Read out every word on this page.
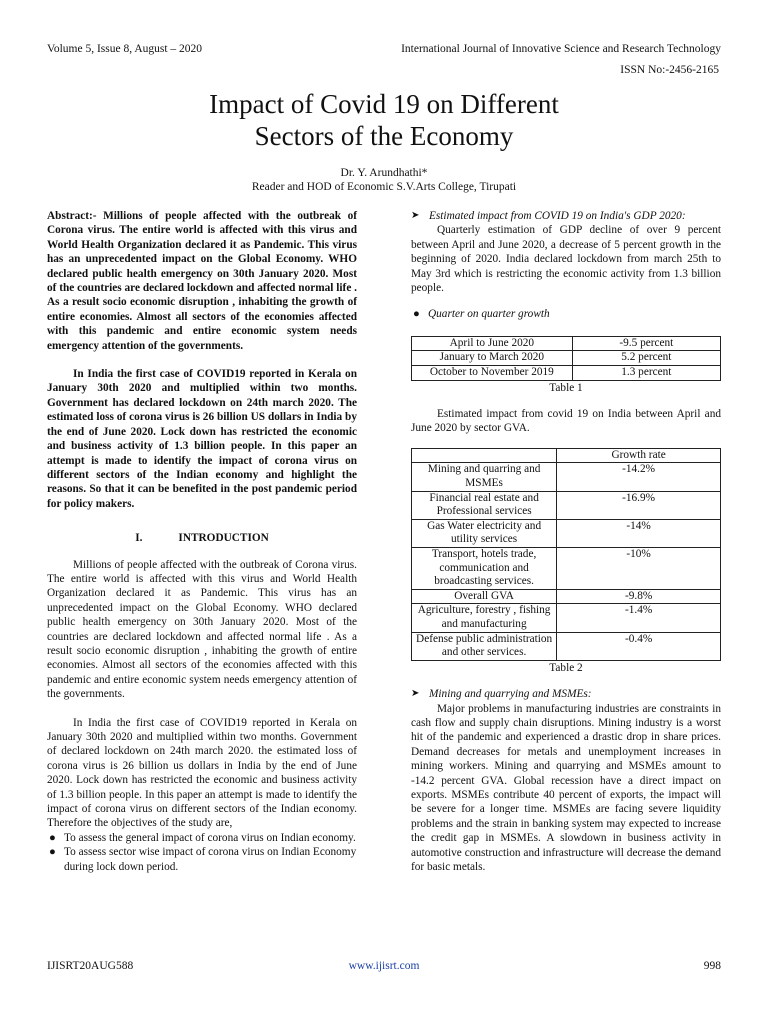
Volume 5, Issue 8, August – 2020	International Journal of Innovative Science and Research Technology
ISSN No:-2456-2165
Impact of Covid 19 on Different
Sectors of the Economy
Dr. Y. Arundhathi*
Reader and HOD of Economic S.V.Arts College, Tirupati

Abstract:- Millions of people affected with the outbreak of Corona virus. The entire world is affected with this virus and World Health Organization declared it as Pandemic. This virus has an unprecedented impact on the Global Economy. WHO declared public health emergency on 30th January 2020. Most of the countries are declared lockdown and affected normal life . As a result socio economic disruption , inhabiting the growth of entire economies. Almost all sectors of the economies affected with this pandemic and entire economic system needs emergency attention of the governments.

In India the first case of COVID19 reported in Kerala on January 30th 2020 and multiplied within two months. Government has declared lockdown on 24th march 2020. The estimated loss of corona virus is 26 billion US dollars in India by the end of June 2020. Lock down has restricted the economic and business activity of 1.3 billion people. In this paper an attempt is made to identify the impact of corona virus on different sectors of the Indian economy and highlight the reasons. So that it can be benefited in the post pandemic period for policy makers.

I.	INTRODUCTION

Millions of people affected with the outbreak of Corona virus. The entire world is affected with this virus and World Health Organization declared it as Pandemic. This virus has an unprecedented impact on the Global Economy. WHO declared public health emergency on 30th January 2020. Most of the countries are declared lockdown and affected normal life . As a result socio economic disruption , inhabiting the growth of entire economies. Almost all sectors of the economies affected with this pandemic and entire economic system needs emergency attention of the governments.

In India the first case of COVID19 reported in Kerala on January 30th 2020 and multiplied within two months. Government of declared lockdown on 24th march 2020. the estimated loss of corona virus is 26 billion us dollars in India by the end of June 2020. Lock down has restricted the economic and business activity of 1.3 billion people. In this paper an attempt is made to identify the impact of corona virus on different sectors of the Indian economy. Therefore the objectives of the study are,

● To assess the general impact of corona virus on Indian economy.
● To assess sector wise impact of corona virus on Indian Economy during lock down period.
➤ Estimated impact from COVID 19 on India's GDP 2020:

Quarterly estimation of GDP decline of over 9 percent between April and June 2020, a decrease of 5 percent growth in the beginning of 2020. India declared lockdown from march 25th to May 3rd which is restricting the economic activity from 1.3 billion people.

● Quarter on quarter growth
April to June 2020	-9.5 percent
January to March 2020	5.2 percent
October to November 2019	1.3 percent
Table 1

Estimated impact from covid 19 on India between April and June 2020 by sector GVA.

	Growth rate
Mining and quarring and MSMEs	-14.2%
Financial real estate and Professional services	-16.9%
Gas Water electricity and utility services	-14%
Transport, hotels trade, communication and broadcasting services.	-10%
Overall GVA	-9.8%
Agriculture, forestry , fishing and manufacturing	-1.4%
Defense public administration and other services.	-0.4%
Table 2
➤ Mining and quarrying and MSMEs:

Major problems in manufacturing industries are constraints in cash flow and supply chain disruptions. Mining industry is a worst hit of the pandemic and experienced a drastic drop in share prices. Demand decreases for metals and unemployment increases in mining workers. Mining and quarrying and MSMEs amount to -14.2 percent GVA. Global recession have a direct impact on exports. MSMEs contribute 40 percent of exports, the impact will be severe for a longer time. MSMEs are facing severe liquidity problems and the strain in banking system may expected to increase the credit gap in MSMEs. A slowdown in business activity in automotive construction and infrastructure will decrease the demand for basic metals.

IJISRT20AUG588	www.ijisrt.com	998
